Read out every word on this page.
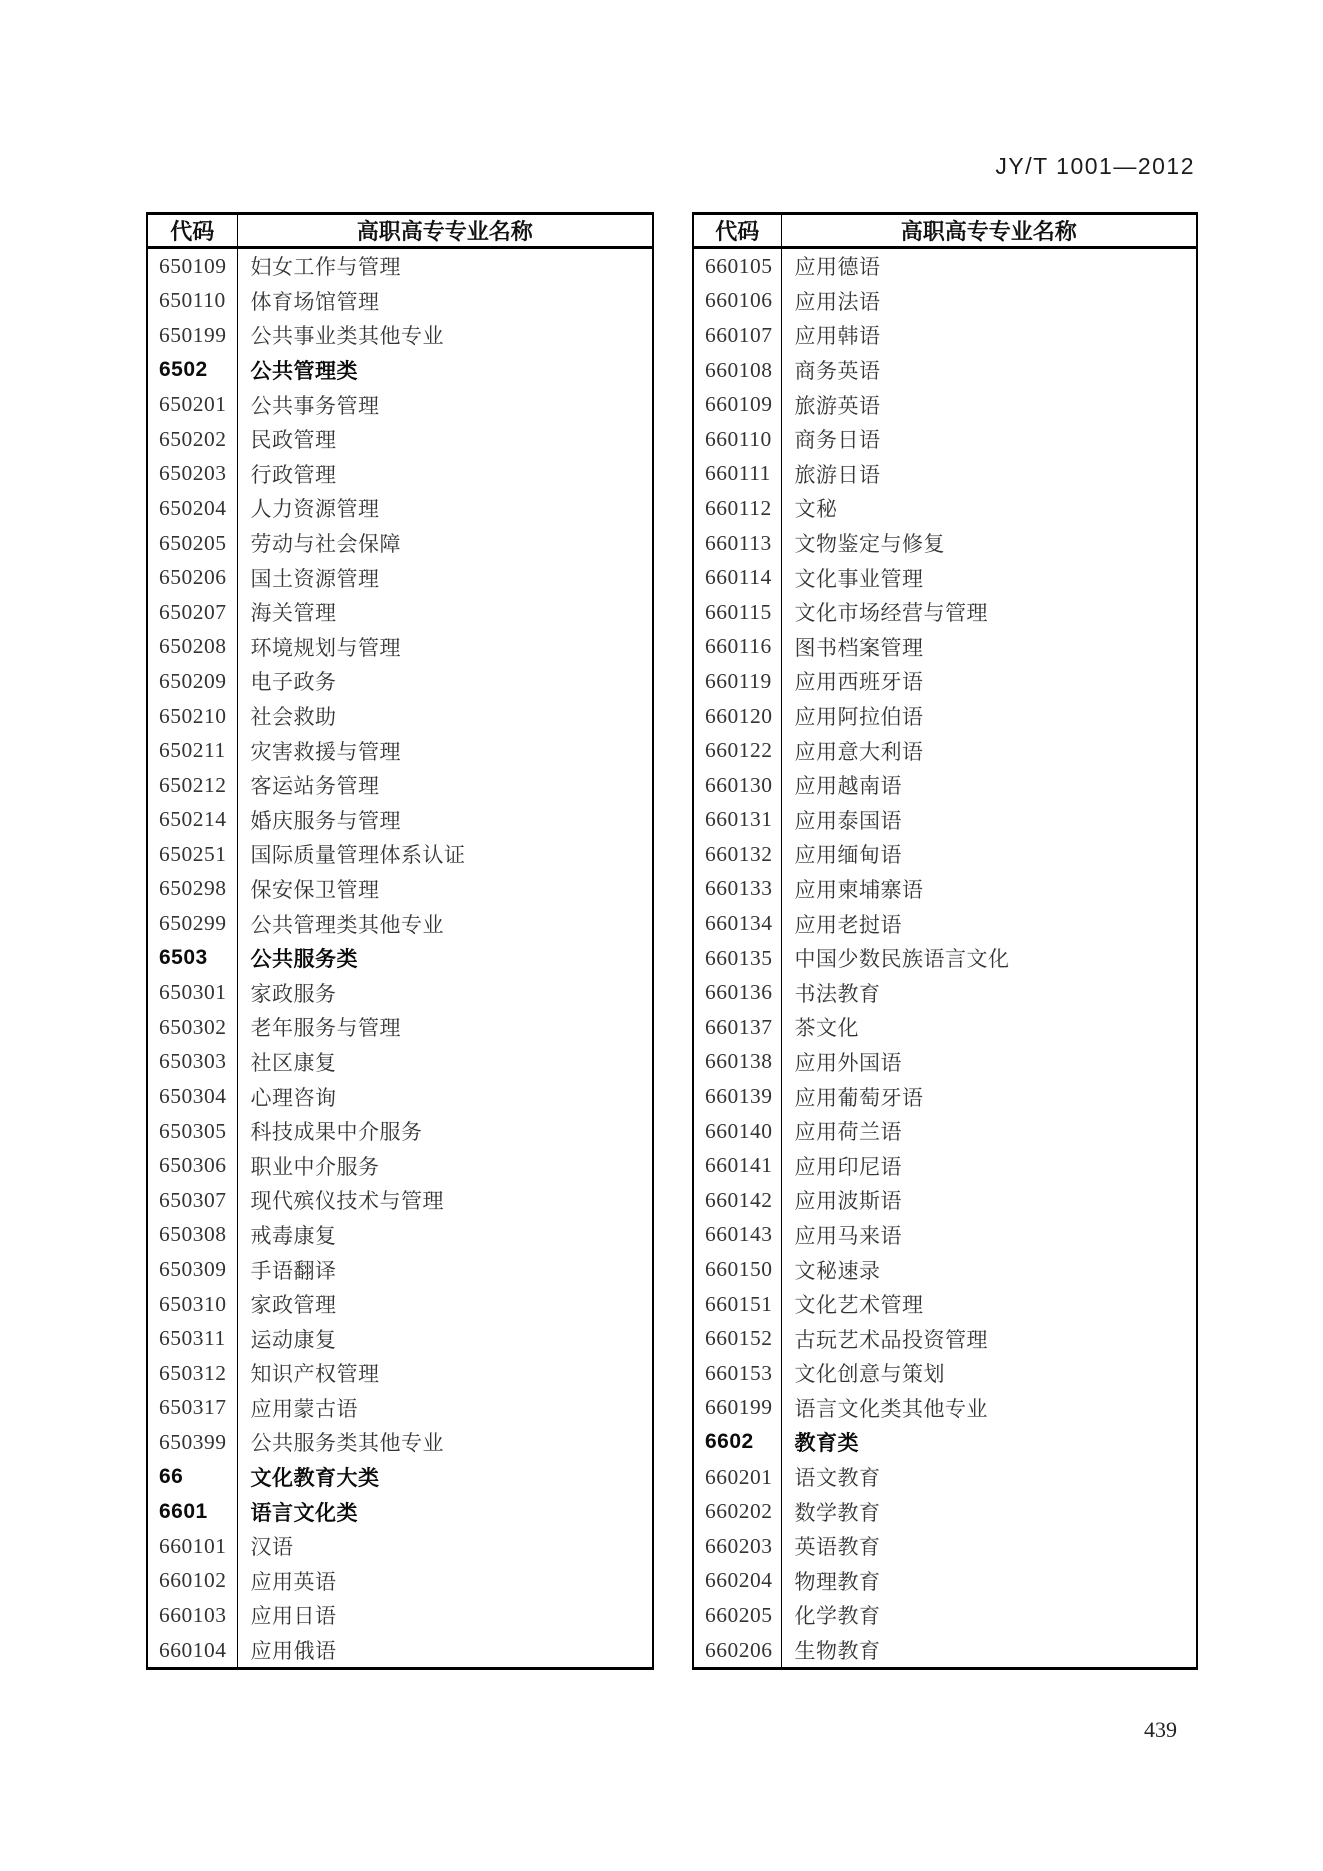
JY/T 1001—2012
代码	高职高专专业名称
650109	妇女工作与管理
650110	体育场馆管理
650199	公共事业类其他专业
6502	公共管理类
650201	公共事务管理
650202	民政管理
650203	行政管理
650204	人力资源管理
650205	劳动与社会保障
650206	国土资源管理
650207	海关管理
650208	环境规划与管理
650209	电子政务
650210	社会救助
650211	灾害救援与管理
650212	客运站务管理
650214	婚庆服务与管理
650251	国际质量管理体系认证
650298	保安保卫管理
650299	公共管理类其他专业
6503	公共服务类
650301	家政服务
650302	老年服务与管理
650303	社区康复
650304	心理咨询
650305	科技成果中介服务
650306	职业中介服务
650307	现代殡仪技术与管理
650308	戒毒康复
650309	手语翻译
650310	家政管理
650311	运动康复
650312	知识产权管理
650317	应用蒙古语
650399	公共服务类其他专业
66	文化教育大类
6601	语言文化类
660101	汉语
660102	应用英语
660103	应用日语
660104	应用俄语
代码	高职高专专业名称
660105	应用德语
660106	应用法语
660107	应用韩语
660108	商务英语
660109	旅游英语
660110	商务日语
660111	旅游日语
660112	文秘
660113	文物鉴定与修复
660114	文化事业管理
660115	文化市场经营与管理
660116	图书档案管理
660119	应用西班牙语
660120	应用阿拉伯语
660122	应用意大利语
660130	应用越南语
660131	应用泰国语
660132	应用缅甸语
660133	应用柬埔寨语
660134	应用老挝语
660135	中国少数民族语言文化
660136	书法教育
660137	茶文化
660138	应用外国语
660139	应用葡萄牙语
660140	应用荷兰语
660141	应用印尼语
660142	应用波斯语
660143	应用马来语
660150	文秘速录
660151	文化艺术管理
660152	古玩艺术品投资管理
660153	文化创意与策划
660199	语言文化类其他专业
6602	教育类
660201	语文教育
660202	数学教育
660203	英语教育
660204	物理教育
660205	化学教育
660206	生物教育
439
